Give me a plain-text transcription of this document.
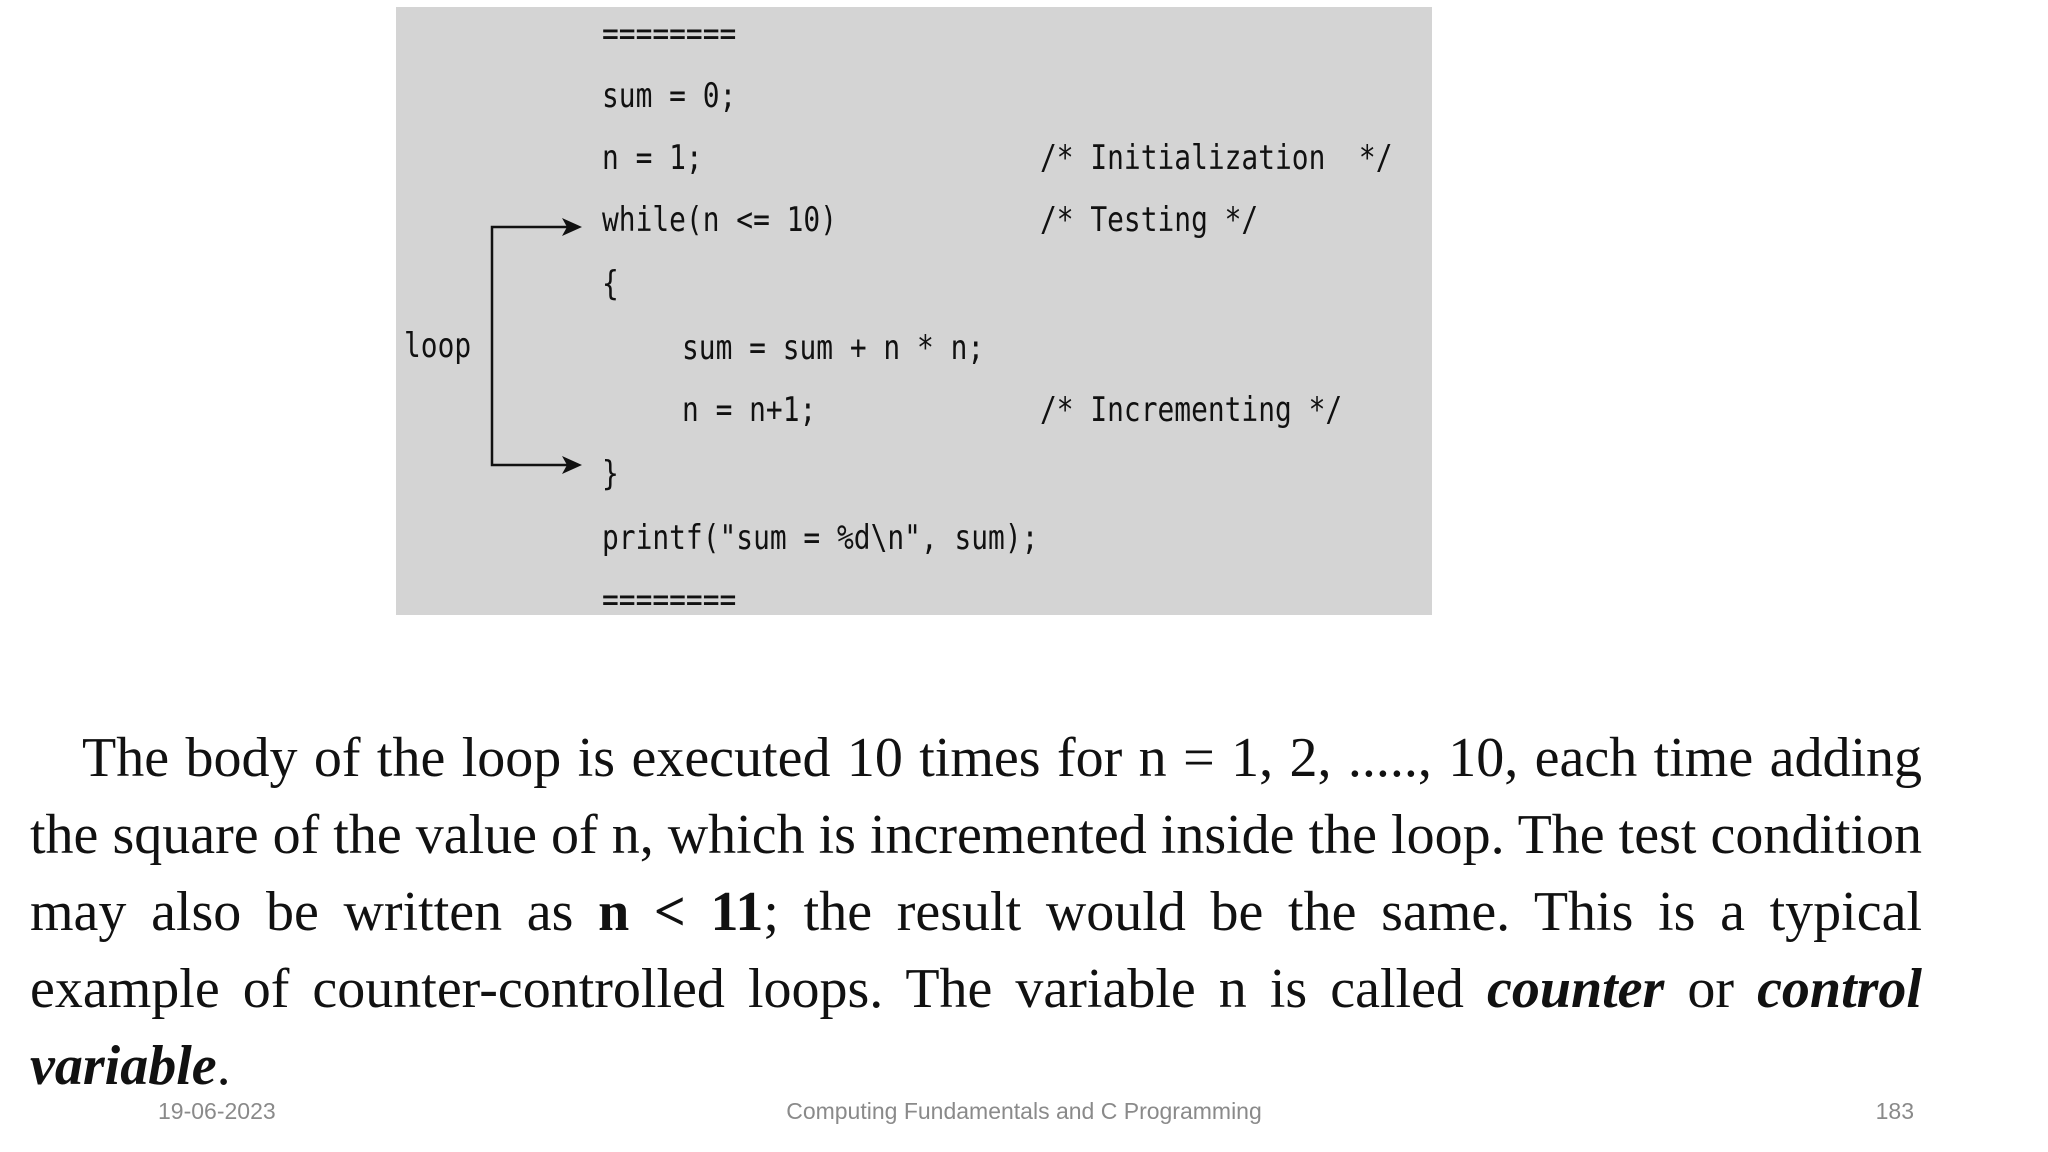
loop
========
sum = 0;
n = 1;	/* Initialization  */
while(n <= 10)	/* Testing */
{
sum = sum + n * n;
n = n+1;	/* Incrementing */
}
printf("sum = %d\n", sum);
========

The body of the loop is executed 10 times for n = 1, 2, ....., 10, each time adding the square of the value of n, which is incremented inside the loop. The test condition may also be written as n < 11; the result would be the same. This is a typical example of counter-controlled loops. The variable n is called counter or control variable.

19-06-2023	Computing Fundamentals and C Programming	183
